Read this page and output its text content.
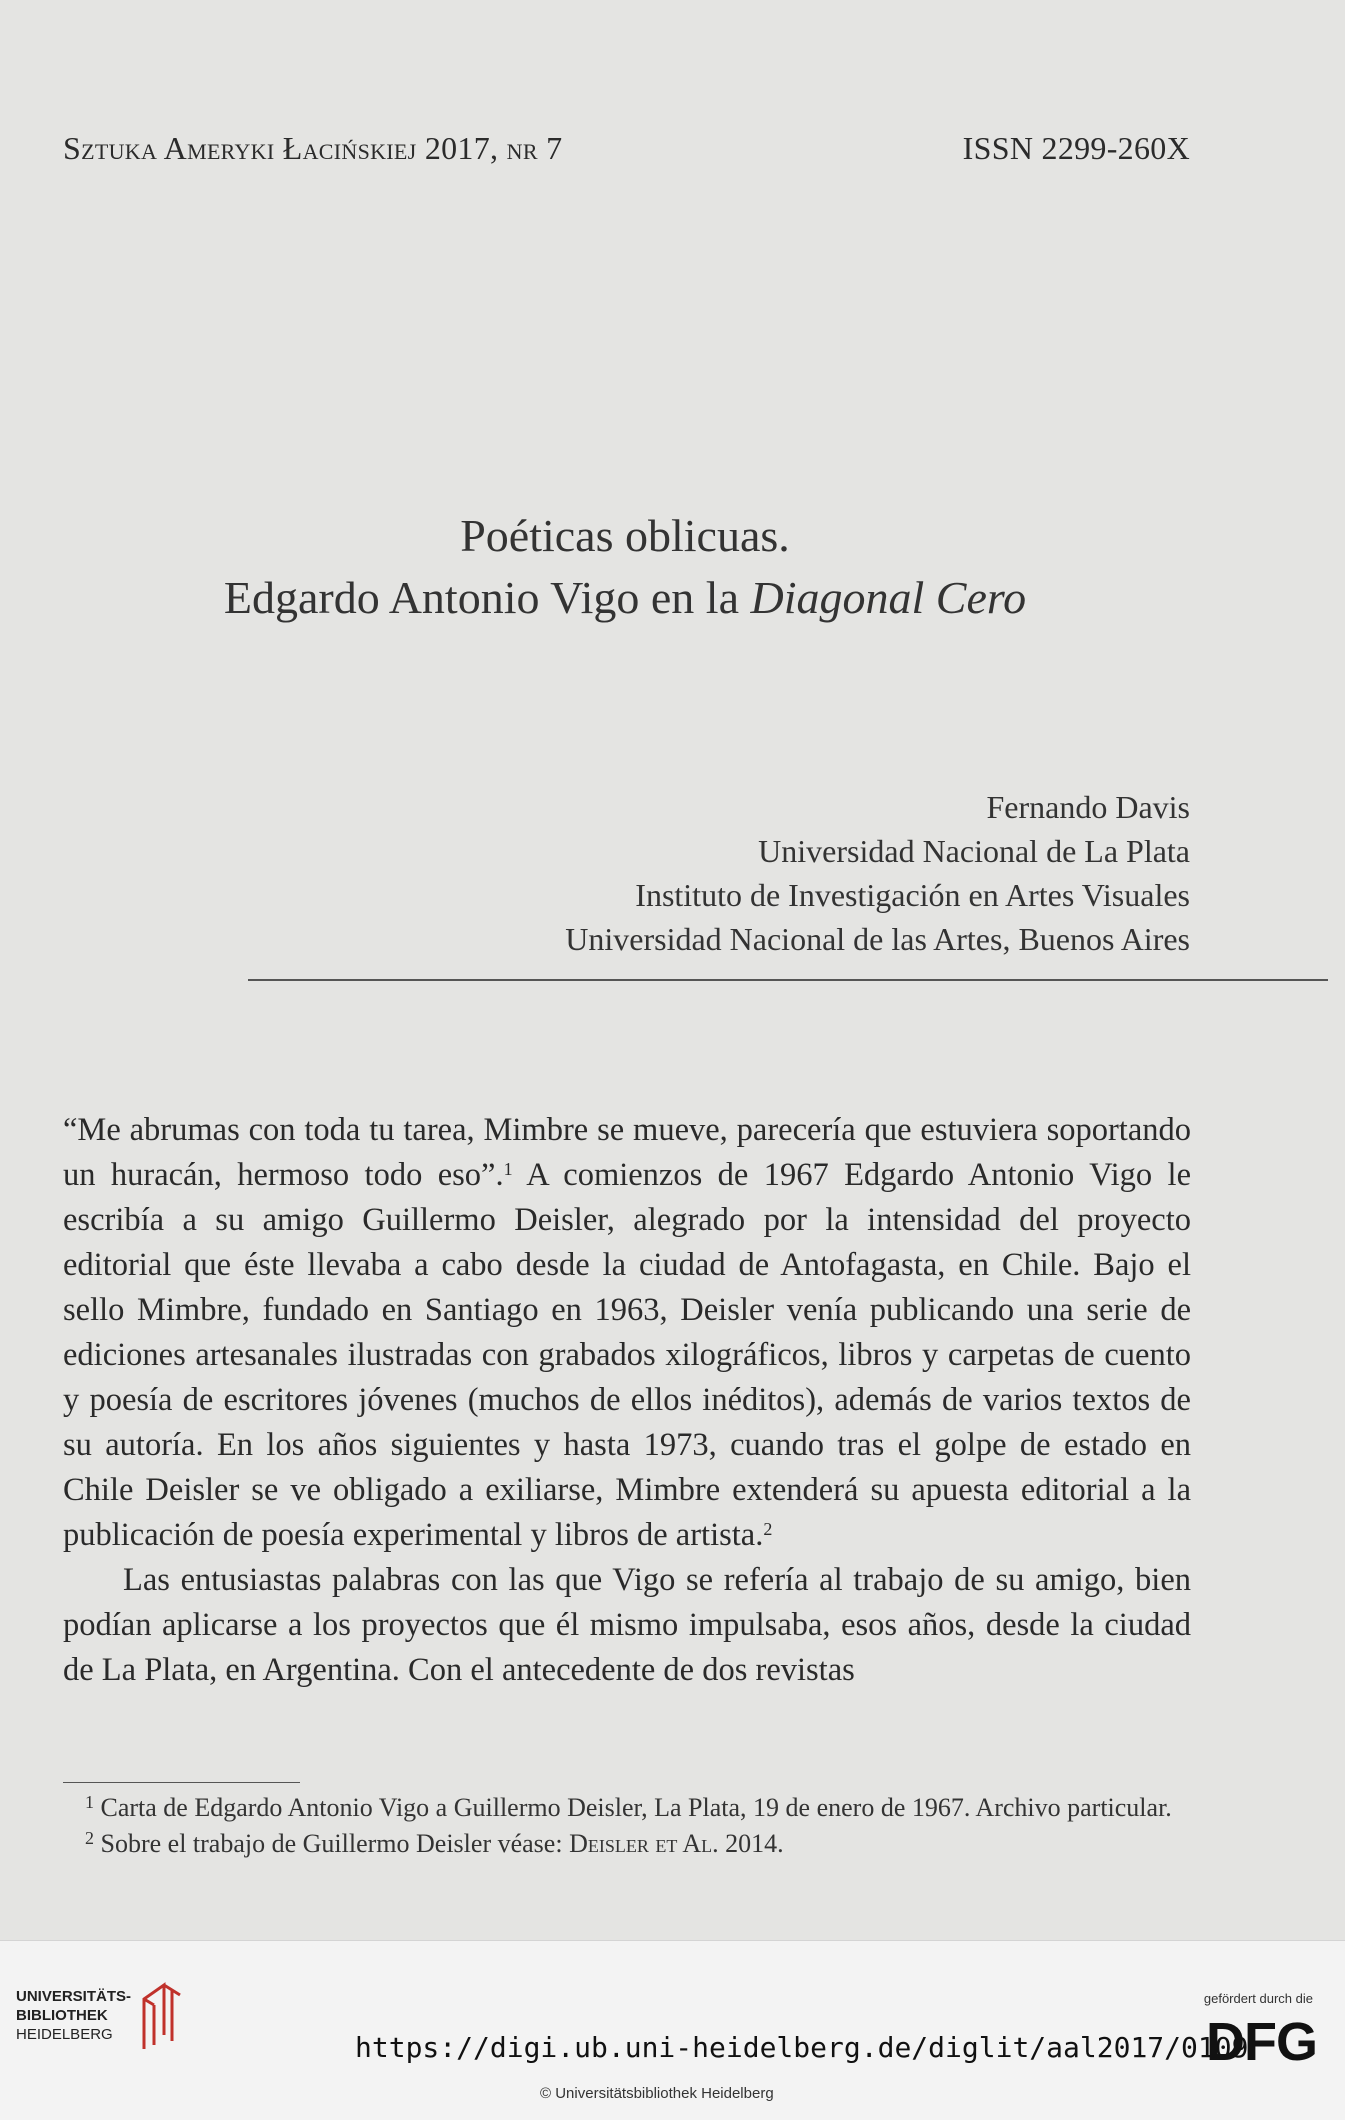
Sztuka Ameryki Łacińskiej 2017, nr 7	ISSN 2299-260X
Poéticas oblicuas.
Edgardo Antonio Vigo en la Diagonal Cero
Fernando Davis
Universidad Nacional de La Plata
Instituto de Investigación en Artes Visuales
Universidad Nacional de las Artes, Buenos Aires

“Me abrumas con toda tu tarea, Mimbre se mueve, parecería que estuviera soportando un huracán, hermoso todo eso”.$^1$ A comienzos de 1967 Edgardo Antonio Vigo le escribía a su amigo Guillermo Deisler, alegrado por la intensidad del proyecto editorial que éste llevaba a cabo desde la ciudad de Antofagasta, en Chile. Bajo el sello Mimbre, fundado en Santiago en 1963, Deisler venía publicando una serie de ediciones artesanales ilustradas con grabados xilográficos, libros y carpetas de cuento y poesía de escritores jóvenes (muchos de ellos inéditos), además de varios textos de su autoría. En los años siguientes y hasta 1973, cuando tras el golpe de estado en Chile Deisler se ve obligado a exiliarse, Mimbre extenderá su apuesta editorial a la publicación de poesía experimental y libros de artista.$^2$

Las entusiastas palabras con las que Vigo se refería al trabajo de su amigo, bien podían aplicarse a los proyectos que él mismo impulsaba, esos años, desde la ciudad de La Plata, en Argentina. Con el antecedente de dos revistas

$^1$ Carta de Edgardo Antonio Vigo a Guillermo Deisler, La Plata, 19 de enero de 1967. Archivo particular.

$^2$ Sobre el trabajo de Guillermo Deisler véase: Deisler et Al. 2014.

UNIVERSITÄTS-
BIBLIOTHEK
HEIDELBERG	https://digi.ub.uni-heidelberg.de/diglit/aal2017/0109
© Universitätsbibliothek Heidelberg
gefördert durch die
DFG
